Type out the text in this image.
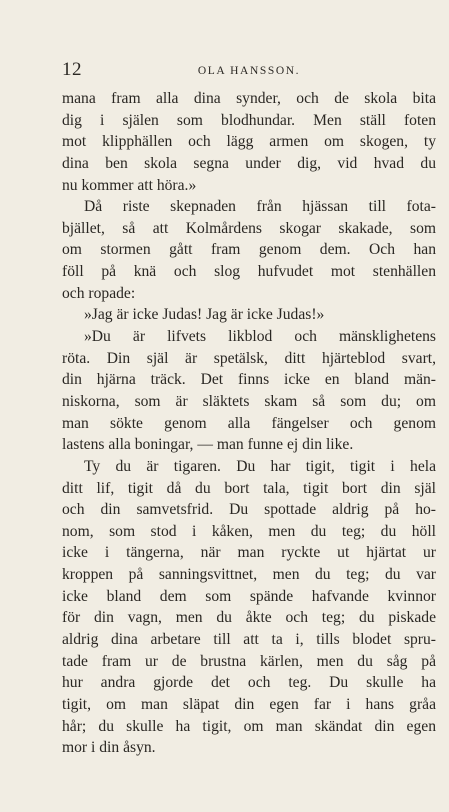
12	OLA HANSSON.
mana fram alla dina synder, och de skola bita
dig i själen som blodhundar. Men ställ foten
mot klipphällen och lägg armen om skogen, ty
dina ben skola segna under dig, vid hvad du
nu kommer att höra.»
Då riste skepnaden från hjässan till fota-
bjället, så att Kolmårdens skogar skakade, som
om stormen gått fram genom dem. Och han
föll på knä och slog hufvudet mot stenhällen
och ropade:
»Jag är icke Judas! Jag är icke Judas!»
»Du är lifvets likblod och mänsklighetens
röta. Din själ är spetälsk, ditt hjärteblod svart,
din hjärna träck. Det finns icke en bland män-
niskorna, som är släktets skam så som du; om
man sökte genom alla fängelser och genom
lastens alla boningar, — man funne ej din like.
Ty du är tigaren. Du har tigit, tigit i hela
ditt lif, tigit då du bort tala, tigit bort din själ
och din samvetsfrid. Du spottade aldrig på ho-
nom, som stod i kåken, men du teg; du höll
icke i tängerna, när man ryckte ut hjärtat ur
kroppen på sanningsvittnet, men du teg; du var
icke bland dem som spände hafvande kvinnor
för din vagn, men du åkte och teg; du piskade
aldrig dina arbetare till att ta i, tills blodet spru-
tade fram ur de brustna kärlen, men du såg på
hur andra gjorde det och teg. Du skulle ha
tigit, om man släpat din egen far i hans gråa
hår; du skulle ha tigit, om man skändat din egen
mor i din åsyn.
